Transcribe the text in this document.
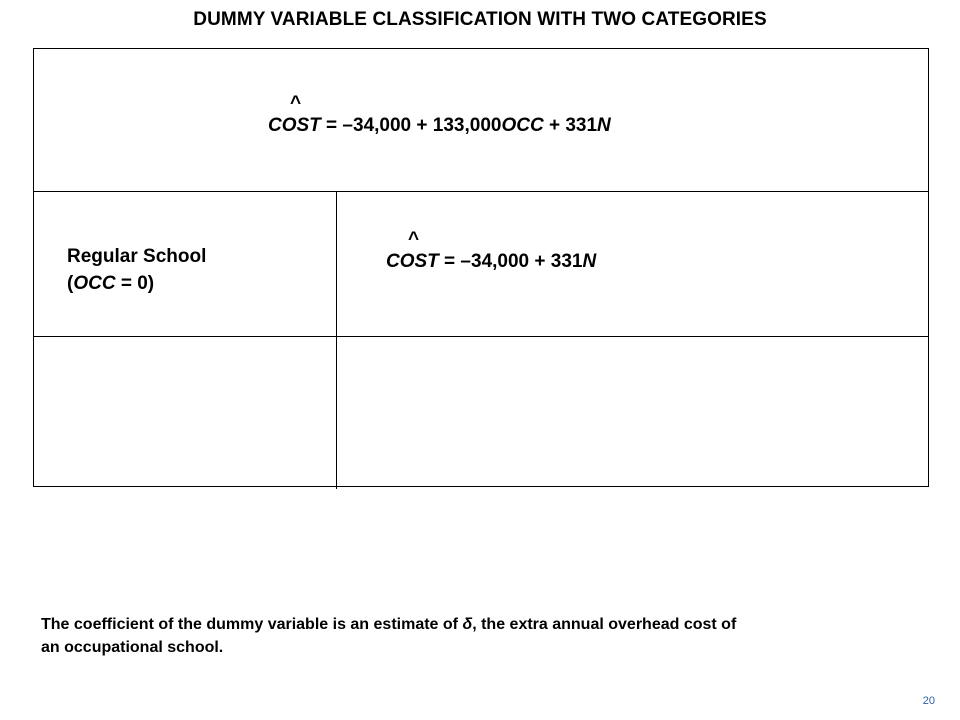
DUMMY VARIABLE CLASSIFICATION WITH TWO CATEGORIES
COST
^
= –34,000 + 133,000OCC + 331N
Regular School
(OCC = 0)
COST
^
= –34,000 + 331N
The coefficient of the dummy variable is an estimate of δ, the extra annual overhead cost of
an occupational school.
20
